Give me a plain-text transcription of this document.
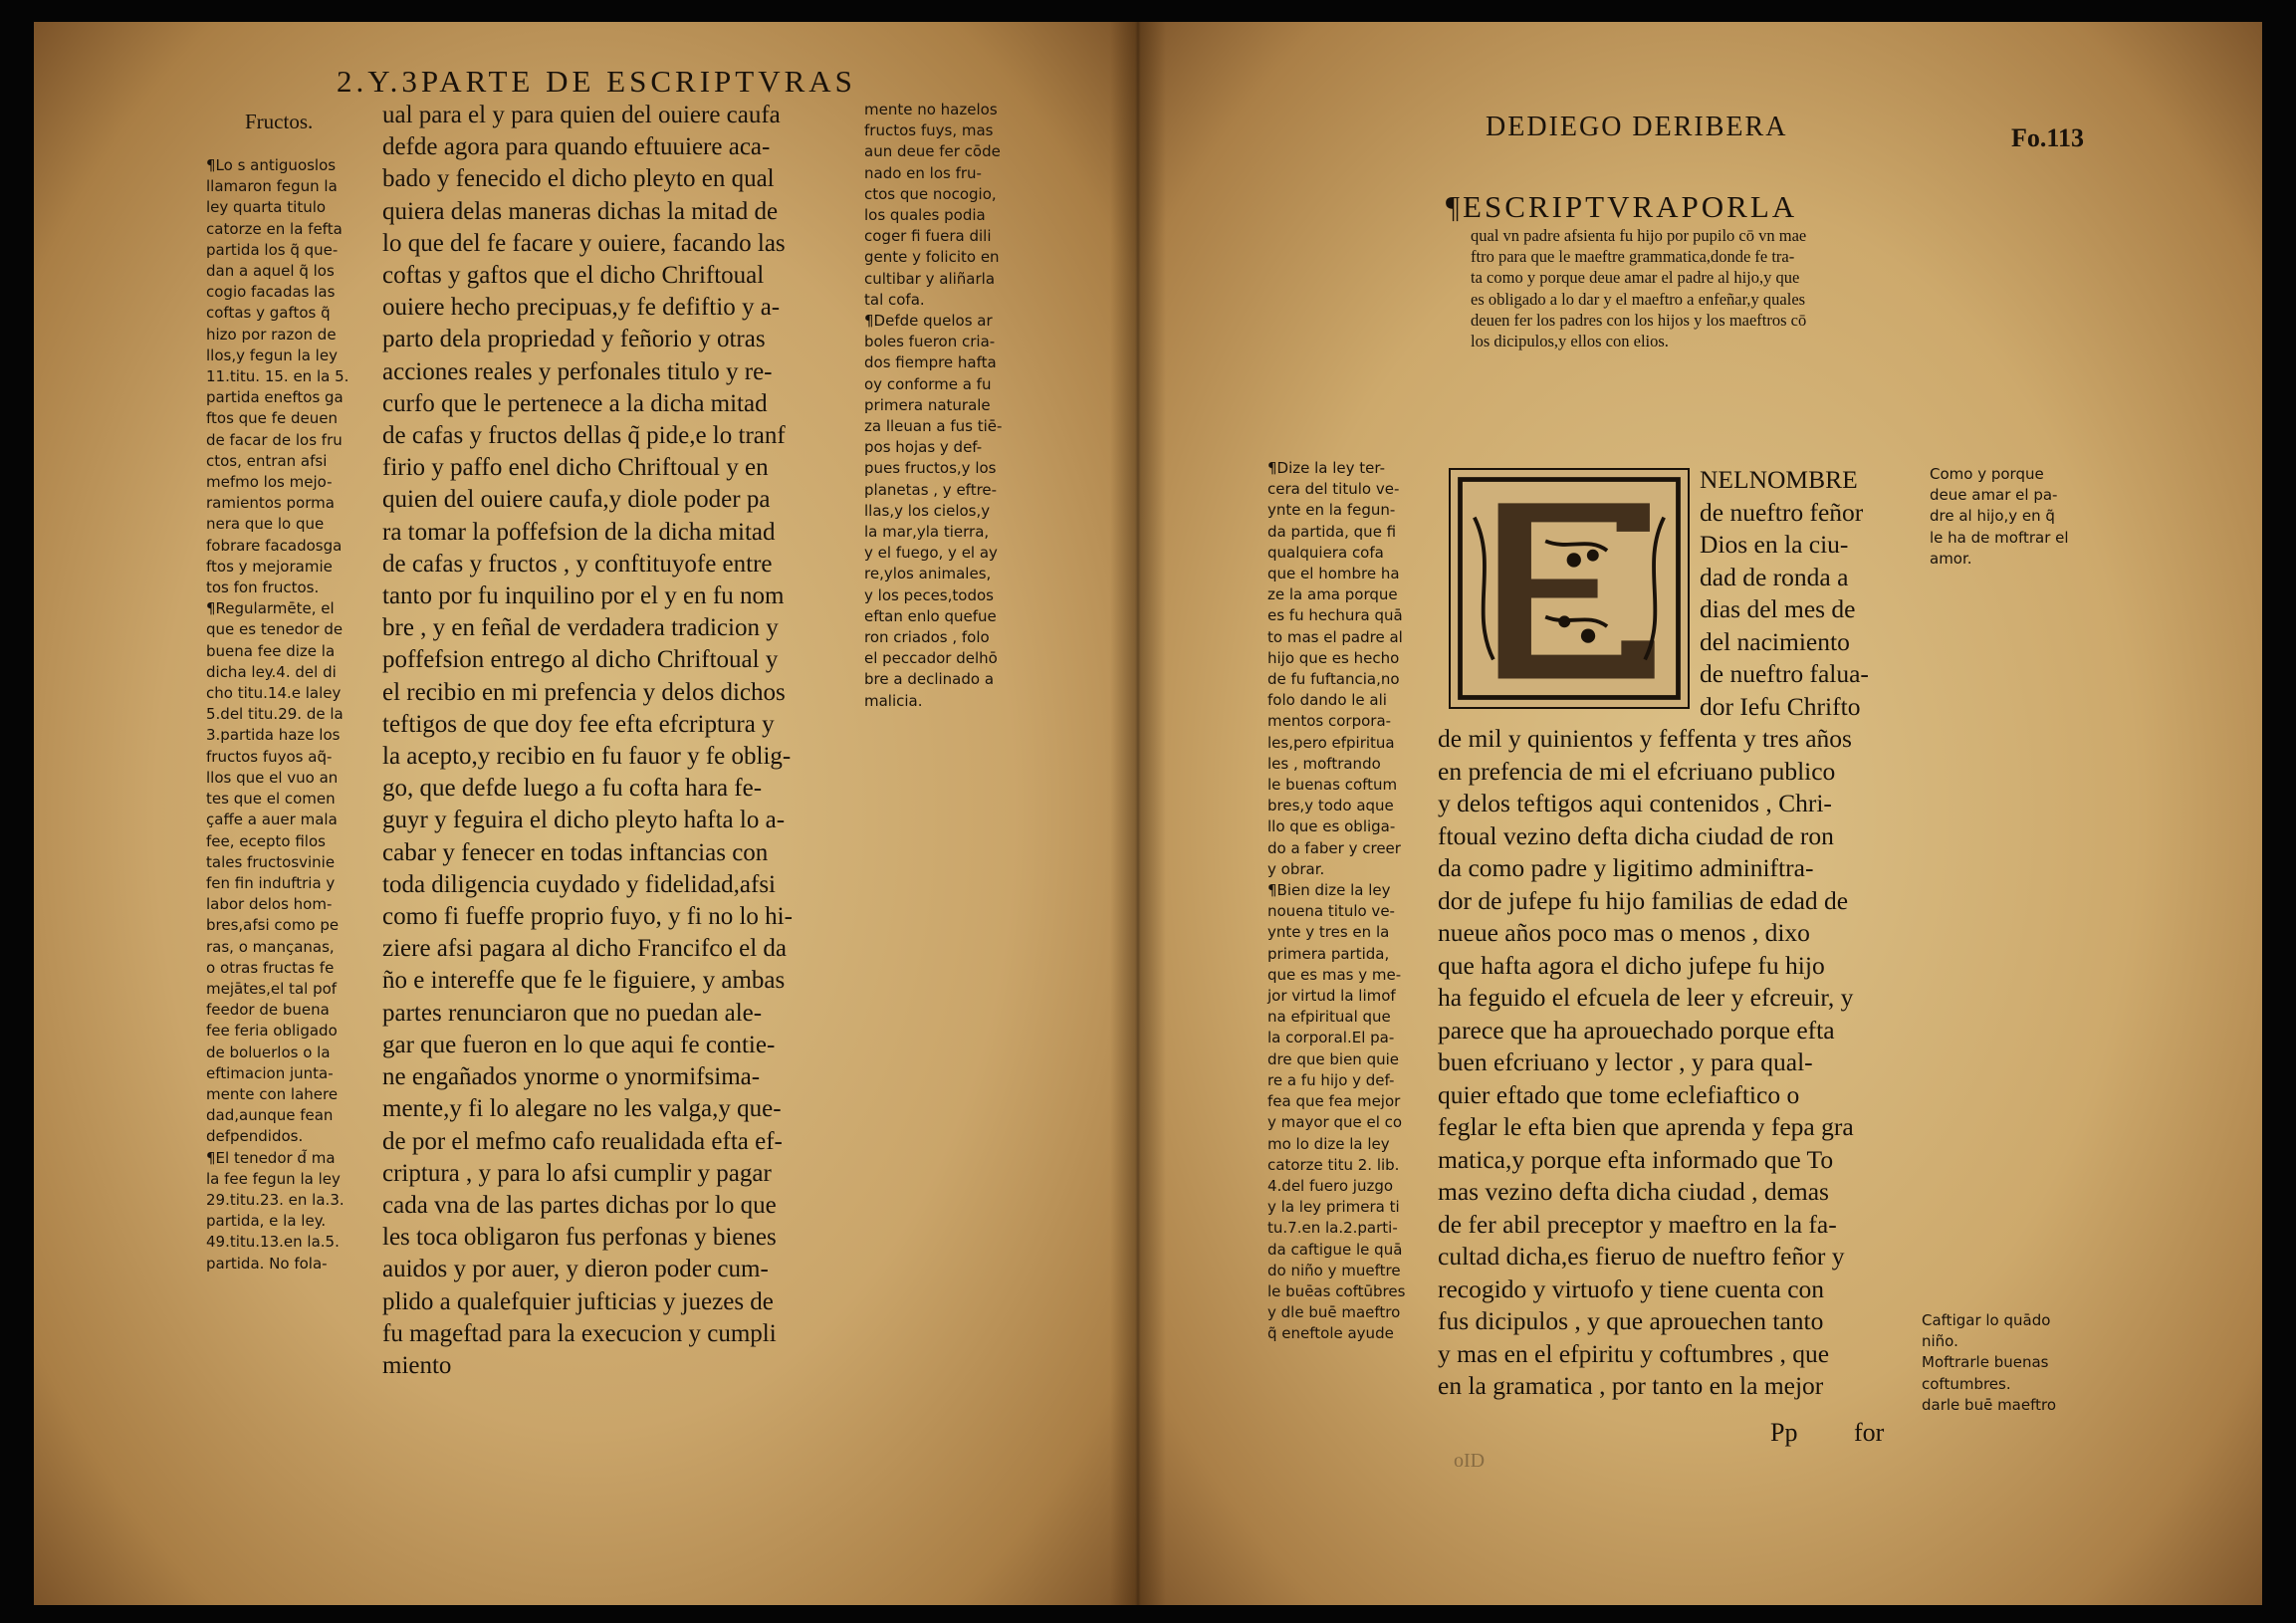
2.Y.3PARTE DE ESCRIPTVRAS
Fructos.
¶Lo s antiguoslos
llamaron fegun la
ley quarta titulo
catorze en la fefta
partida los q̃ que-
dan a aquel q̃ los
cogio facadas las
coftas y gaftos q̃
hizo por razon de
llos,y fegun la ley
11.titu. 15. en la 5.
partida eneftos ga
ftos que fe deuen
de facar de los fru
ctos, entran afsi
mefmo los mejo-
ramientos porma
nera que lo que
fobrare facadosga
ftos y mejoramie
tos fon fructos.
¶Regularmēte, el
que es tenedor de
buena fee dize la
dicha ley.4. del di
cho titu.14.e laley
5.del titu.29. de la
3.partida haze los
fructos fuyos aq̃-
llos que el vuo an
tes que el comen
çaffe a auer mala
fee, ecepto filos
tales fructosvinie
fen fin induftria y
labor delos hom-
bres,afsi como pe
ras, o mançanas,
o otras fructas fe
mejātes,el tal pof
feedor de buena
fee feria obligado
de boluerlos o la
eftimacion junta-
mente con lahere
dad,aunque fean
defpendidos.
¶El tenedor d̃ ma
la fee fegun la ley
29.titu.23. en la.3.
partida, e la ley.
49.titu.13.en la.5.
partida. No fola-
ual para el y para quien del ouiere caufa
defde agora para quando eftuuiere aca-
bado y fenecido el dicho pleyto en qual
quiera delas maneras dichas la mitad de
lo que del fe facare y ouiere, facando las
coftas y gaftos que el dicho Chriftoual
ouiere hecho precipuas,y fe defiftio y a-
parto dela propriedad y feñorio y otras
acciones reales y perfonales titulo y re-
curfo que le pertenece a la dicha mitad
de cafas y fructos dellas q̃ pide,e lo tranf
firio y paffo enel dicho Chriftoual y en
quien del ouiere caufa,y diole poder pa
ra tomar la poffefsion de la dicha mitad
de cafas y fructos , y conftituyofe entre
tanto por fu inquilino por el y en fu nom
bre , y en feñal de verdadera tradicion y
poffefsion entrego al dicho Chriftoual y
el recibio en mi prefencia y delos dichos
teftigos de que doy fee efta efcriptura y
la acepto,y recibio en fu fauor y fe oblig-
go, que defde luego a fu cofta hara fe-
guyr y feguira el dicho pleyto hafta lo a-
cabar y fenecer en todas inftancias con
toda diligencia cuydado y fidelidad,afsi
como fi fueffe proprio fuyo, y fi no lo hi-
ziere afsi pagara al dicho Francifco el da
ño e intereffe que fe le figuiere, y ambas
partes renunciaron que no puedan ale-
gar que fueron en lo que aqui fe contie-
ne engañados ynorme o ynormifsima-
mente,y fi lo alegare no les valga,y que-
de por el mefmo cafo reualidada efta ef-
criptura , y para lo afsi cumplir y pagar
cada vna de las partes dichas por lo que
les toca obligaron fus perfonas y bienes
auidos y por auer, y dieron poder cum-
plido a qualefquier jufticias y juezes de
fu mageftad para la execucion y cumpli
miento
mente no hazelos
fructos fuys, mas
aun deue fer cōde
nado en los fru-
ctos que nocogio,
los quales podia
coger fi fuera dili
gente y folicito en
cultibar y aliñarla
tal cofa.
¶Defde quelos ar
boles fueron cria-
dos fiempre hafta
oy conforme a fu
primera naturale
za lleuan a fus tiē-
pos hojas y def-
pues fructos,y los
planetas , y eftre-
llas,y los cielos,y
la mar,yla tierra,
y el fuego, y el ay
re,ylos animales,
y los peces,todos
eftan enlo quefue
ron criados , folo
el peccador delhō
bre a declinado a
malicia.
DEDIEGO DERIBERA	Fo.113
¶ESCRIPTVRAPORLA
qual vn padre afsienta fu hijo por pupilo cō vn mae
ftro para que le maeftre grammatica,donde fe tra-
ta como y porque deue amar el padre al hijo,y que
es obligado a lo dar y el maeftro a enfeñar,y quales
deuen fer los padres con los hijos y los maeftros cō
los dicipulos,y ellos con elios.
¶Dize la ley ter-
cera del titulo ve-
ynte en la fegun-
da partida, que fi
qualquiera cofa
que el hombre ha
ze la ama porque
es fu hechura quā
to mas el padre al
hijo que es hecho
de fu fuftancia,no
folo dando le ali
mentos corpora-
les,pero efpiritua
les , moftrando
le buenas coftum
bres,y todo aque
llo que es obliga-
do a faber y creer
y obrar.
¶Bien dize la ley
nouena titulo ve-
ynte y tres en la
primera partida,
que es mas y me-
jor virtud la limof
na efpiritual que
la corporal.El pa-
dre que bien quie
re a fu hijo y def-
fea que fea mejor
y mayor que el co
mo lo dize la ley
catorze titu 2. lib.
4.del fuero juzgo
y la ley primera ti
tu.7.en la.2.parti-
da caftigue le quā
do niño y mueftre
le buēas coftūbres
y dle buē maeftro
q̃ eneftole ayude
NELNOMBRE
de nueftro feñor
Dios en la ciu-
dad de ronda a
dias del mes de
del nacimiento
de nueftro falua-
dor Iefu Chrifto
de mil y quinientos y feffenta y tres años
en prefencia de mi el efcriuano publico
y delos teftigos aqui contenidos , Chri-
ftoual vezino defta dicha ciudad de ron
da como padre y ligitimo adminiftra-
dor de jufepe fu hijo familias de edad de
nueue años poco mas o menos , dixo
que hafta agora el dicho jufepe fu hijo
ha feguido el efcuela de leer y efcreuir, y
parece que ha aprouechado porque efta
buen efcriuano y lector , y para qual-
quier eftado que tome eclefiaftico o
feglar le efta bien que aprenda y fepa gra
matica,y porque efta informado que To
mas vezino defta dicha ciudad , demas
de fer abil preceptor y maeftro en la fa-
cultad dicha,es fieruo de nueftro feñor y
recogido y virtuofo y tiene cuenta con
fus dicipulos , y que aprouechen tanto
y mas en el efpiritu y coftumbres , que
en la gramatica , por tanto en la mejor
Pp for
oID
Como y porque
deue amar el pa-
dre al hijo,y en q̃
le ha de moftrar el
amor.
Caftigar lo quādo
niño.
Moftrarle buenas
coftumbres.
darle buē maeftro
